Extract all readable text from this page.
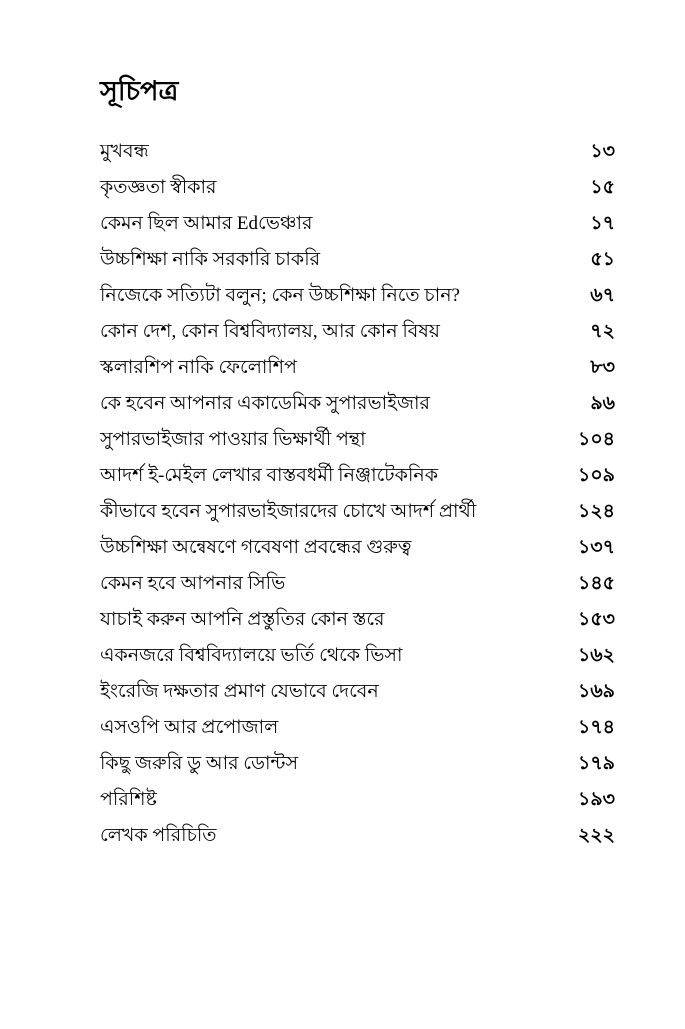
সূচিপত্র
মুখবন্ধ	১৩
কৃতজ্ঞতা স্বীকার	১৫
কেমন ছিল আমার Edভেঞ্চার	১৭
উচ্চশিক্ষা নাকি সরকারি চাকরি	৫১
নিজেকে সত্যিটা বলুন; কেন উচ্চশিক্ষা নিতে চান?	৬৭
কোন দেশ, কোন বিশ্ববিদ্যালয়, আর কোন বিষয়	৭২
স্কলারশিপ নাকি ফেলোশিপ	৮৩
কে হবেন আপনার একাডেমিক সুপারভাইজার	৯৬
সুপারভাইজার পাওয়ার ভিক্ষার্থী পন্থা	১০৪
আদর্শ ই-মেইল লেখার বাস্তবধর্মী নিঞ্জাটেকনিক	১০৯
কীভাবে হবেন সুপারভাইজারদের চোখে আদর্শ প্রার্থী	১২৪
উচ্চশিক্ষা অন্বেষণে গবেষণা প্রবন্ধের গুরুত্ব	১৩৭
কেমন হবে আপনার সিভি	১৪৫
যাচাই করুন আপনি প্রস্তুতির কোন স্তরে	১৫৩
একনজরে বিশ্ববিদ্যালয়ে ভর্তি থেকে ভিসা	১৬২
ইংরেজি দক্ষতার প্রমাণ যেভাবে দেবেন	১৬৯
এসওপি আর প্রপোজাল	১৭৪
কিছু জরুরি ডু আর ডোন্টস	১৭৯
পরিশিষ্ট	১৯৩
লেখক পরিচিতি	২২২
